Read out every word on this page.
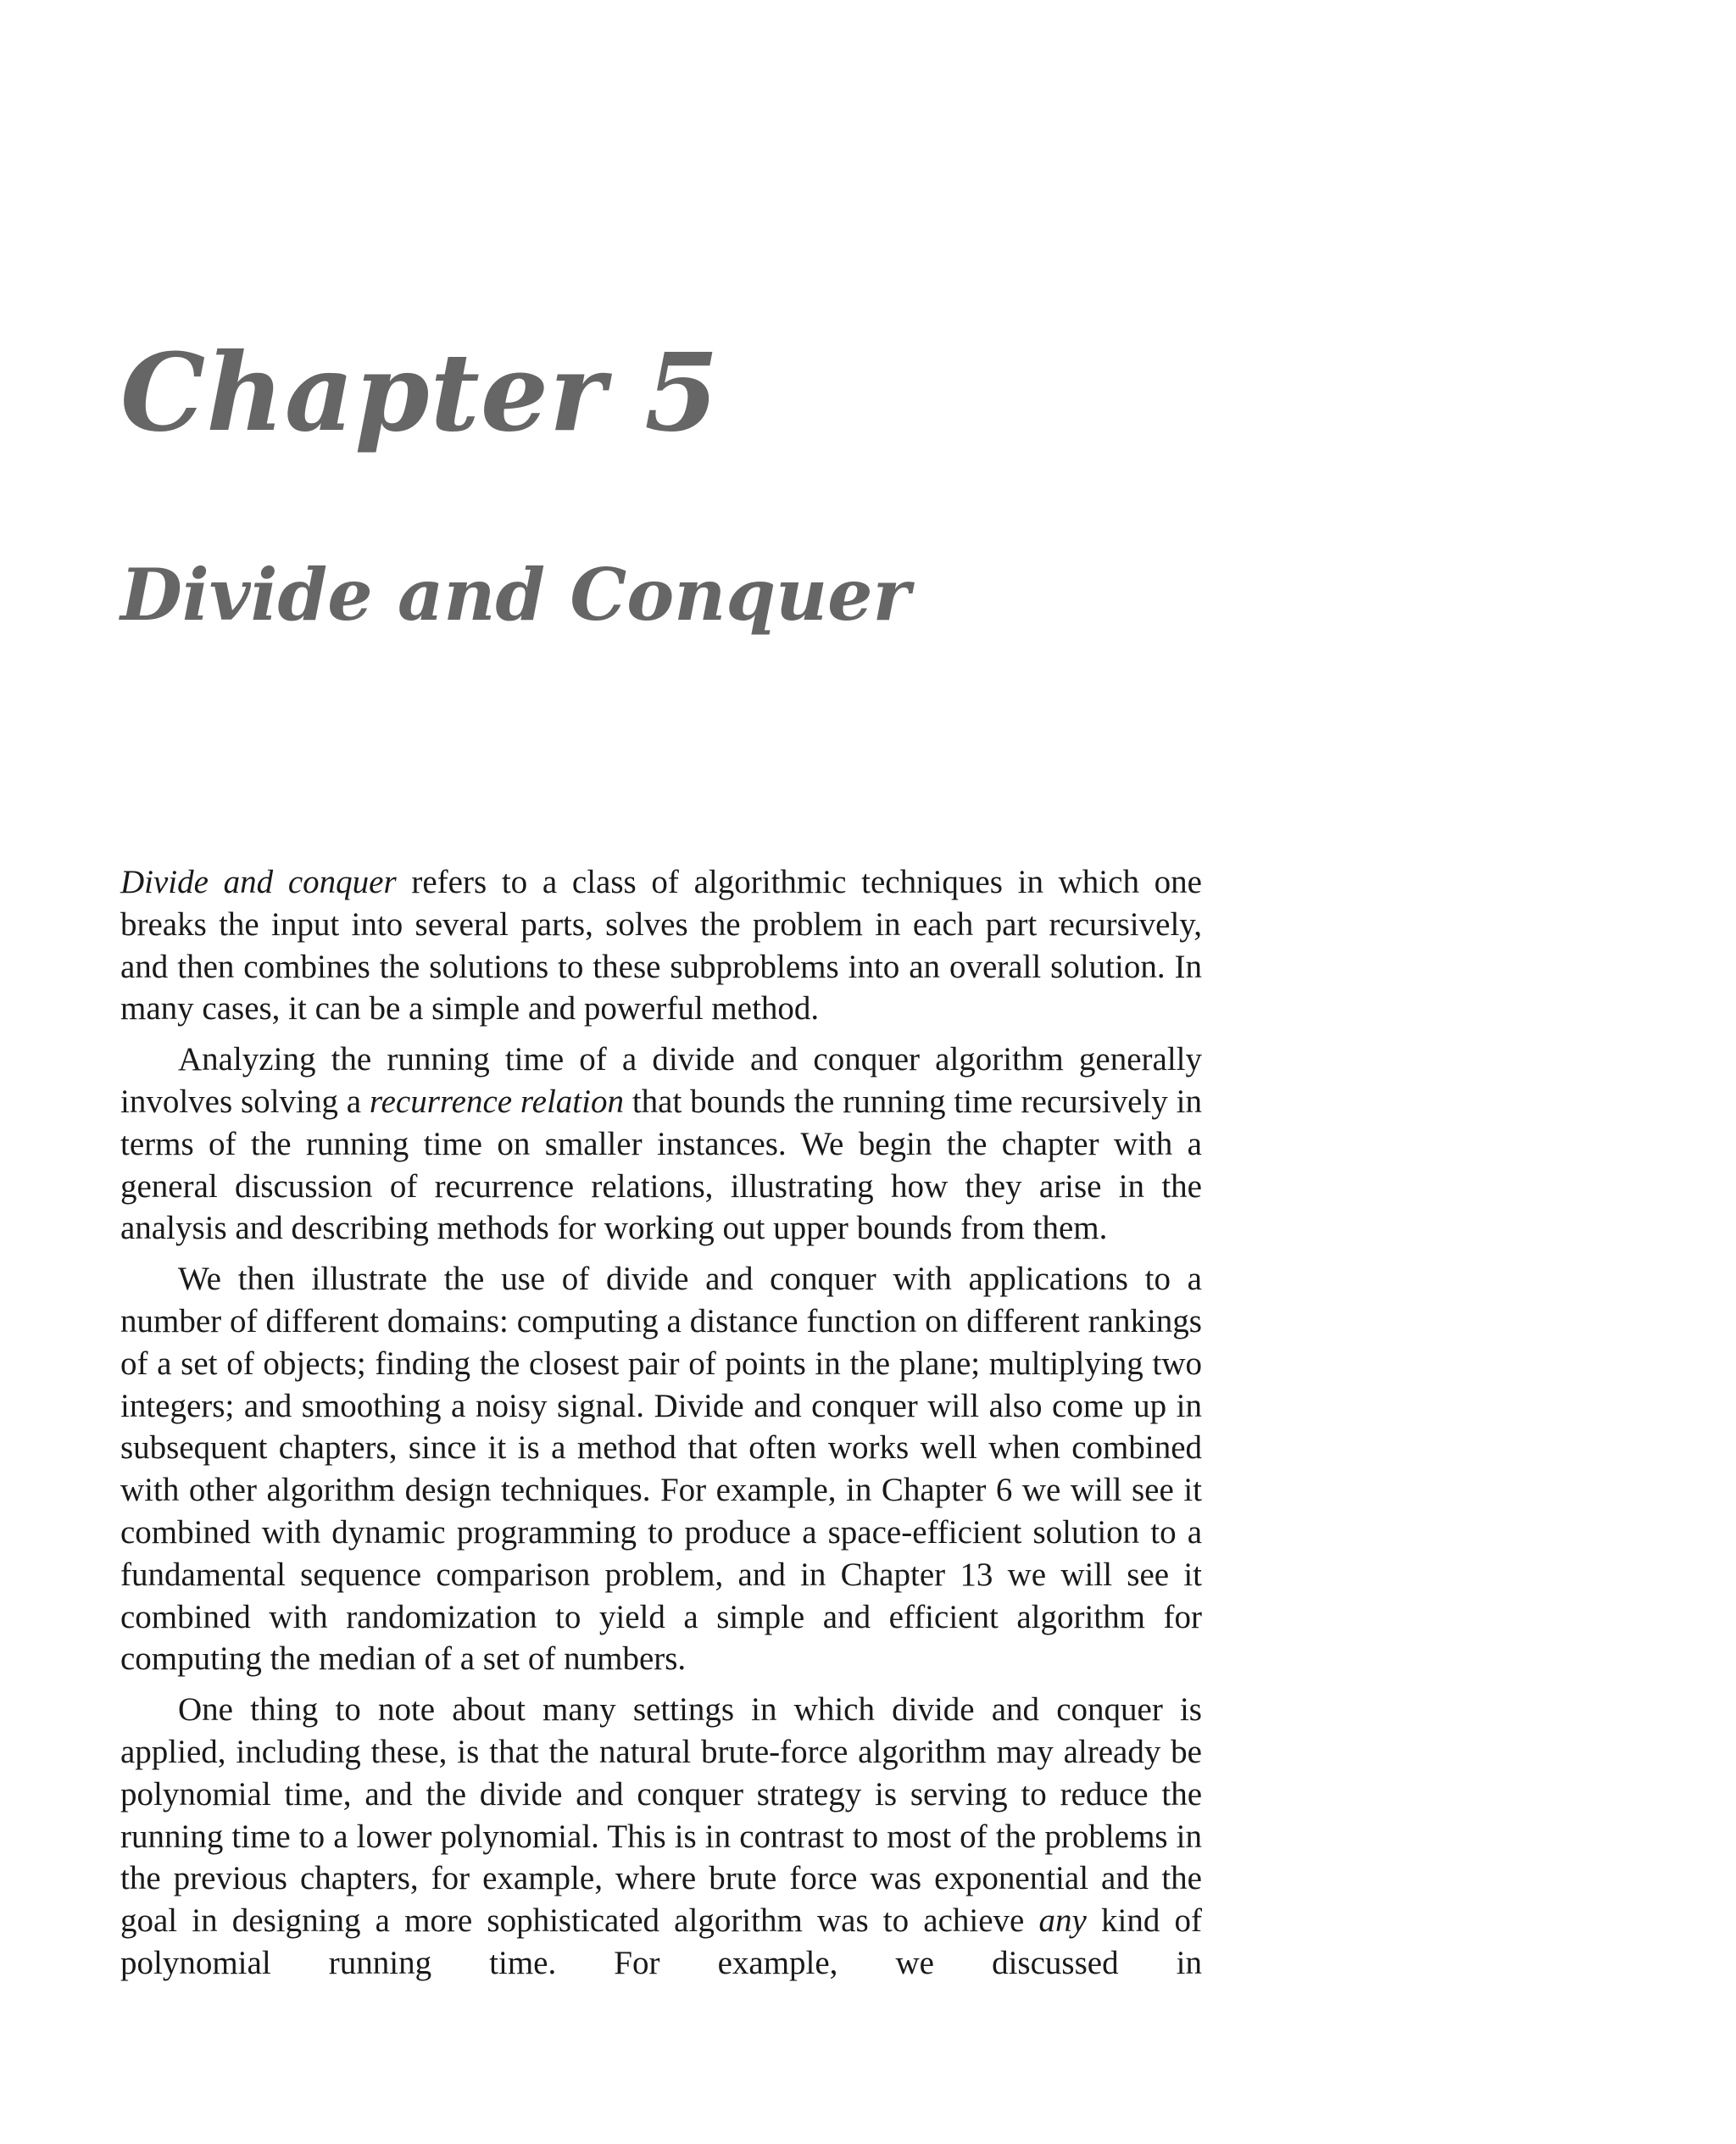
Chapter 5
Divide and Conquer

Divide and conquer refers to a class of algorithmic techniques in which one breaks the input into several parts, solves the problem in each part recursively, and then combines the solutions to these subproblems into an overall solution. In many cases, it can be a simple and powerful method.

Analyzing the running time of a divide and conquer algorithm generally involves solving a recurrence relation that bounds the running time recursively in terms of the running time on smaller instances. We begin the chapter with a general discussion of recurrence relations, illustrating how they arise in the analysis and describing methods for working out upper bounds from them.

We then illustrate the use of divide and conquer with applications to a number of different domains: computing a distance function on different rankings of a set of objects; finding the closest pair of points in the plane; multiplying two integers; and smoothing a noisy signal. Divide and conquer will also come up in subsequent chapters, since it is a method that often works well when combined with other algorithm design techniques. For example, in Chapter 6 we will see it combined with dynamic programming to produce a space-efficient solution to a fundamental sequence comparison problem, and in Chapter 13 we will see it combined with randomization to yield a simple and efficient algorithm for computing the median of a set of numbers.

One thing to note about many settings in which divide and conquer is applied, including these, is that the natural brute-force algorithm may already be polynomial time, and the divide and conquer strategy is serving to reduce the running time to a lower polynomial. This is in contrast to most of the problems in the previous chapters, for example, where brute force was exponential and the goal in designing a more sophisticated algorithm was to achieve any kind of polynomial running time. For example, we discussed in
